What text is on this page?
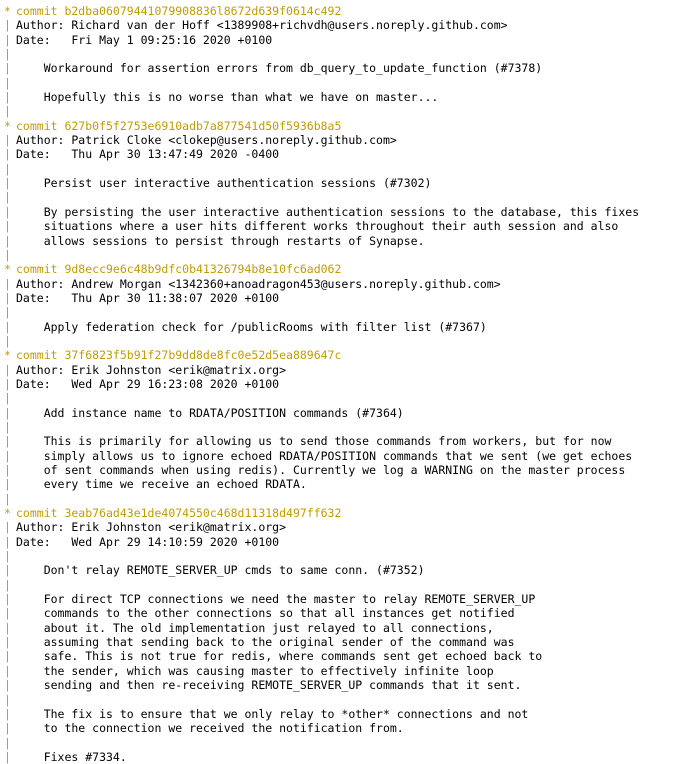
* commit b2dba06079441079908836l8672d639f0614c492
| Author: Richard van der Hoff <1389908+richvdh@users.noreply.github.com>
| Date:   Fri May 1 09:25:16 2020 +0100
|

| Workaround for assertion errors from db_query_to_update_function (#7378)
|

| Hopefully this is no worse than what we have on master...
|

* commit 627b0f5f2753e6910adb7a877541d50f5936b8a5
| Author: Patrick Cloke <clokep@users.noreply.github.com>
| Date:   Thu Apr 30 13:47:49 2020 -0400
|

| Persist user interactive authentication sessions (#7302)
|

| By persisting the user interactive authentication sessions to the database, this fixes
| situations where a user hits different works throughout their auth session and also
| allows sessions to persist through restarts of Synapse.
|

* commit 9d8ecc9e6c48b9dfc0b41326794b8e10fc6ad062
| Author: Andrew Morgan <1342360+anoadragon453@users.noreply.github.com>
| Date:   Thu Apr 30 11:38:07 2020 +0100
|

| Apply federation check for /publicRooms with filter list (#7367)
|

* commit 37f6823f5b91f27b9dd8de8fc0e52d5ea889647c
| Author: Erik Johnston <erik@matrix.org>
| Date:   Wed Apr 29 16:23:08 2020 +0100
|

| Add instance name to RDATA/POSITION commands (#7364)
|

| This is primarily for allowing us to send those commands from workers, but for now
| simply allows us to ignore echoed RDATA/POSITION commands that we sent (we get echoes
| of sent commands when using redis). Currently we log a WARNING on the master process
| every time we receive an echoed RDATA.
|

* commit 3eab76ad43e1de4074550c468d11318d497ff632
| Author: Erik Johnston <erik@matrix.org>
| Date:   Wed Apr 29 14:10:59 2020 +0100
|

| Don't relay REMOTE_SERVER_UP cmds to same conn. (#7352)
|

| For direct TCP connections we need the master to relay REMOTE_SERVER_UP
| commands to the other connections so that all instances get notified
| about it. The old implementation just relayed to all connections,
| assuming that sending back to the original sender of the command was
| safe. This is not true for redis, where commands sent get echoed back to
| the sender, which was causing master to effectively infinite loop
| sending and then re-receiving REMOTE_SERVER_UP commands that it sent.
|

| The fix is to ensure that we only relay to *other* connections and not
| to the connection we received the notification from.
|

| Fixes #7334.
